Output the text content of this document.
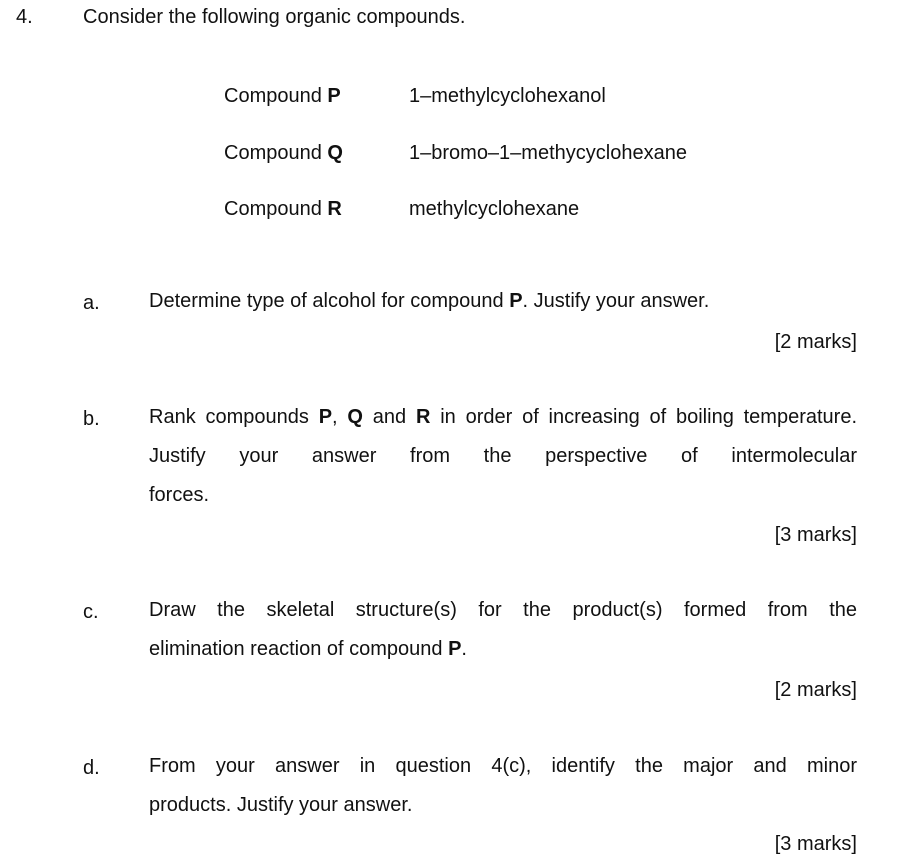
4.	Consider the following organic compounds.
Compound P	1–methylcyclohexanol
Compound Q	1–bromo–1–methycyclohexane
Compound R	methylcyclohexane
a. Determine type of alcohol for compound P. Justify your answer.
[2 marks]
b. Rank compounds P, Q and R in order of increasing of boiling temperature. Justify your answer from the perspective of intermolecular
forces.
[3 marks]
c.	Draw the skeletal structure(s) for the product(s) formed from the
elimination reaction of compound P.
[2 marks]
d. From your answer in question 4(c), identify the major and minor
products. Justify your answer.
[3 marks]
